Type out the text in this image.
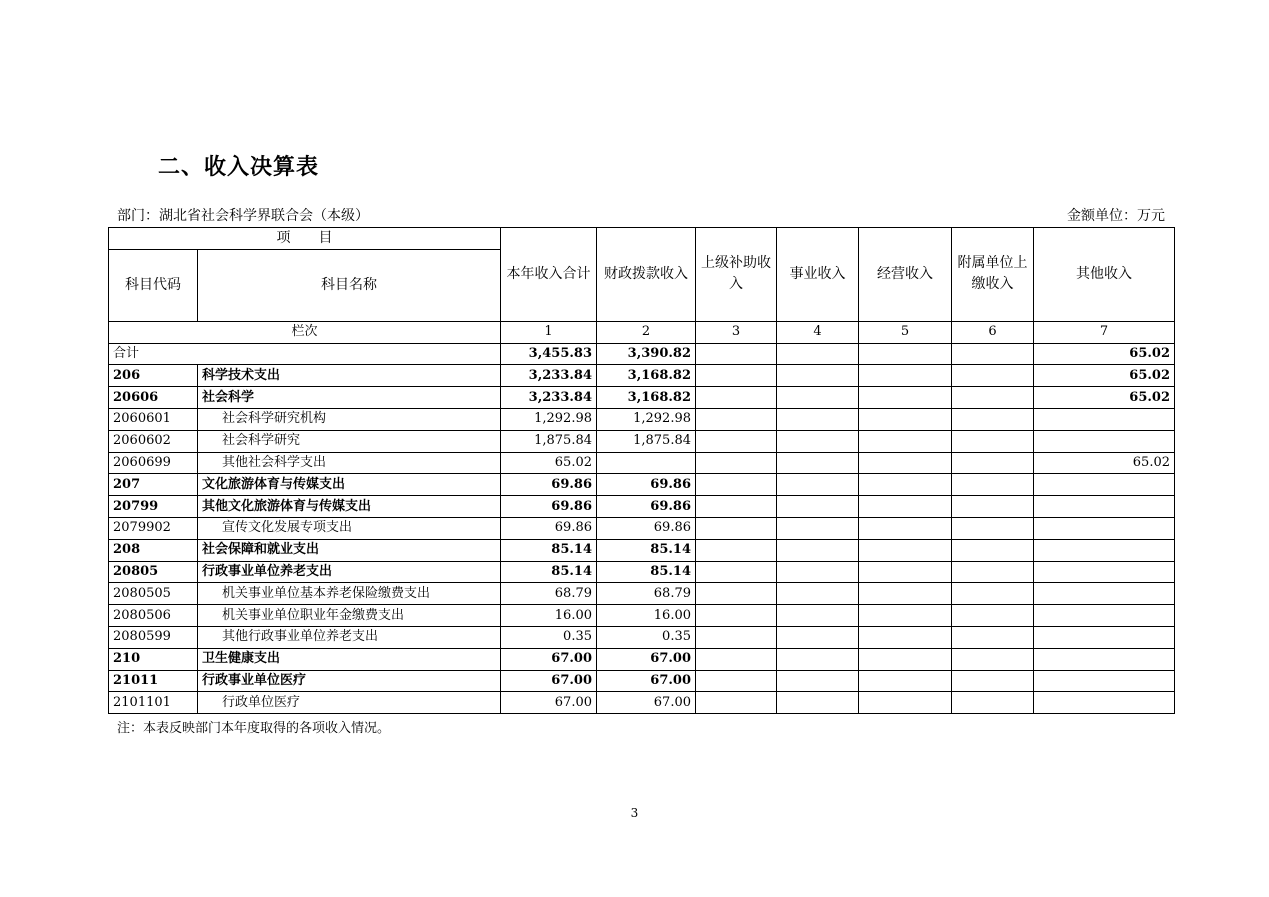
二、收入决算表
部门：湖北省社会科学界联合会（本级）	金额单位：万元
项　　目		本年收入合计	财政拨款收入	上级补助收入	事业收入	经营收入	附属单位上缴收入	其他收入
科目代码	科目名称							
栏次		1	2	3	4	5	6	7
合计		3,455.83	3,390.82					65.02
206	科学技术支出	3,233.84	3,168.82					65.02
20606	社会科学	3,233.84	3,168.82					65.02
2060601	社会科学研究机构	1,292.98	1,292.98					
2060602	社会科学研究	1,875.84	1,875.84					
2060699	其他社会科学支出	65.02						65.02
207	文化旅游体育与传媒支出	69.86	69.86					
20799	其他文化旅游体育与传媒支出	69.86	69.86					
2079902	宣传文化发展专项支出	69.86	69.86					
208	社会保障和就业支出	85.14	85.14					
20805	行政事业单位养老支出	85.14	85.14					
2080505	机关事业单位基本养老保险缴费支出	68.79	68.79					
2080506	机关事业单位职业年金缴费支出	16.00	16.00					
2080599	其他行政事业单位养老支出	0.35	0.35					
210	卫生健康支出	67.00	67.00					
21011	行政事业单位医疗	67.00	67.00					
2101101	行政单位医疗	67.00	67.00					
注：本表反映部门本年度取得的各项收入情况。
3
